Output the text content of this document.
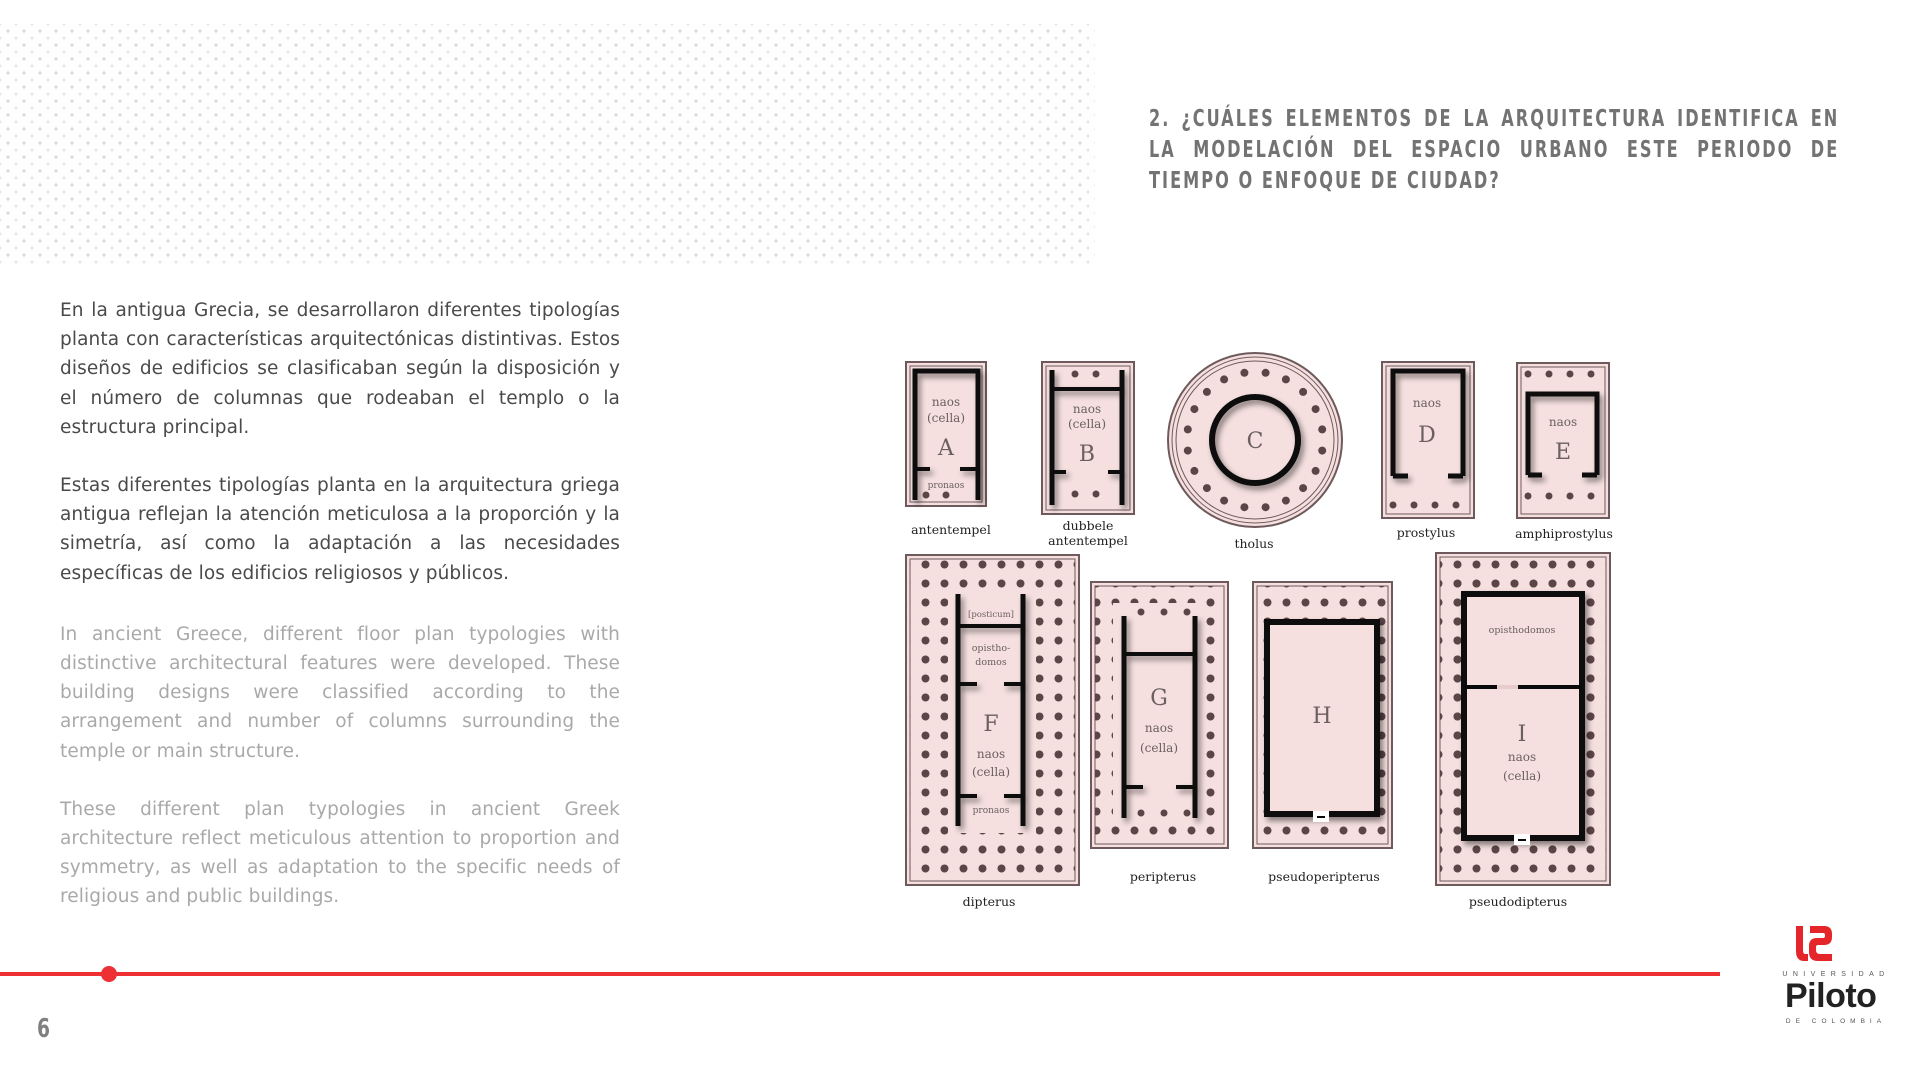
2. ¿CUÁLES ELEMENTOS DE LA ARQUITECTURA IDENTIFICA EN LA MODELACIÓN DEL ESPACIO URBANO ESTE PERIODO DE TIEMPO O ENFOQUE DE CIUDAD?

En la antigua Grecia, se desarrollaron diferentes tipologías planta con características arquitectónicas distintivas. Estos diseños de edificios se clasificaban según la disposición y el número de columnas que rodeaban el templo o la estructura principal.

Estas diferentes tipologías planta en la arquitectura griega antigua reflejan la atención meticulosa a la proporción y la simetría, así como la adaptación a las necesidades específicas de los edificios religiosos y públicos.

In ancient Greece, different floor plan typologies with distinctive architectural features were developed. These building designs were classified according to the arrangement and number of columns surrounding the temple or main structure.

These different plan typologies in ancient Greek architecture reflect meticulous attention to proportion and symmetry, as well as adaptation to the specific needs of religious and public buildings.

naos
(cella)
A
pronaos
antentempel
naos
(cella)
B
dubbele
antentempel
C
tholus
naos
D
prostylus
naos
E
amphiprostylus
[posticum]
opistho-
domos
F
naos
(cella)
pronaos
dipterus
G
naos
(cella)
peripterus
H
pseudoperipterus
opisthodomos
I
naos
(cella)
pseudodipterus
6
UNIVERSIDAD
Piloto
DE COLOMBIA
